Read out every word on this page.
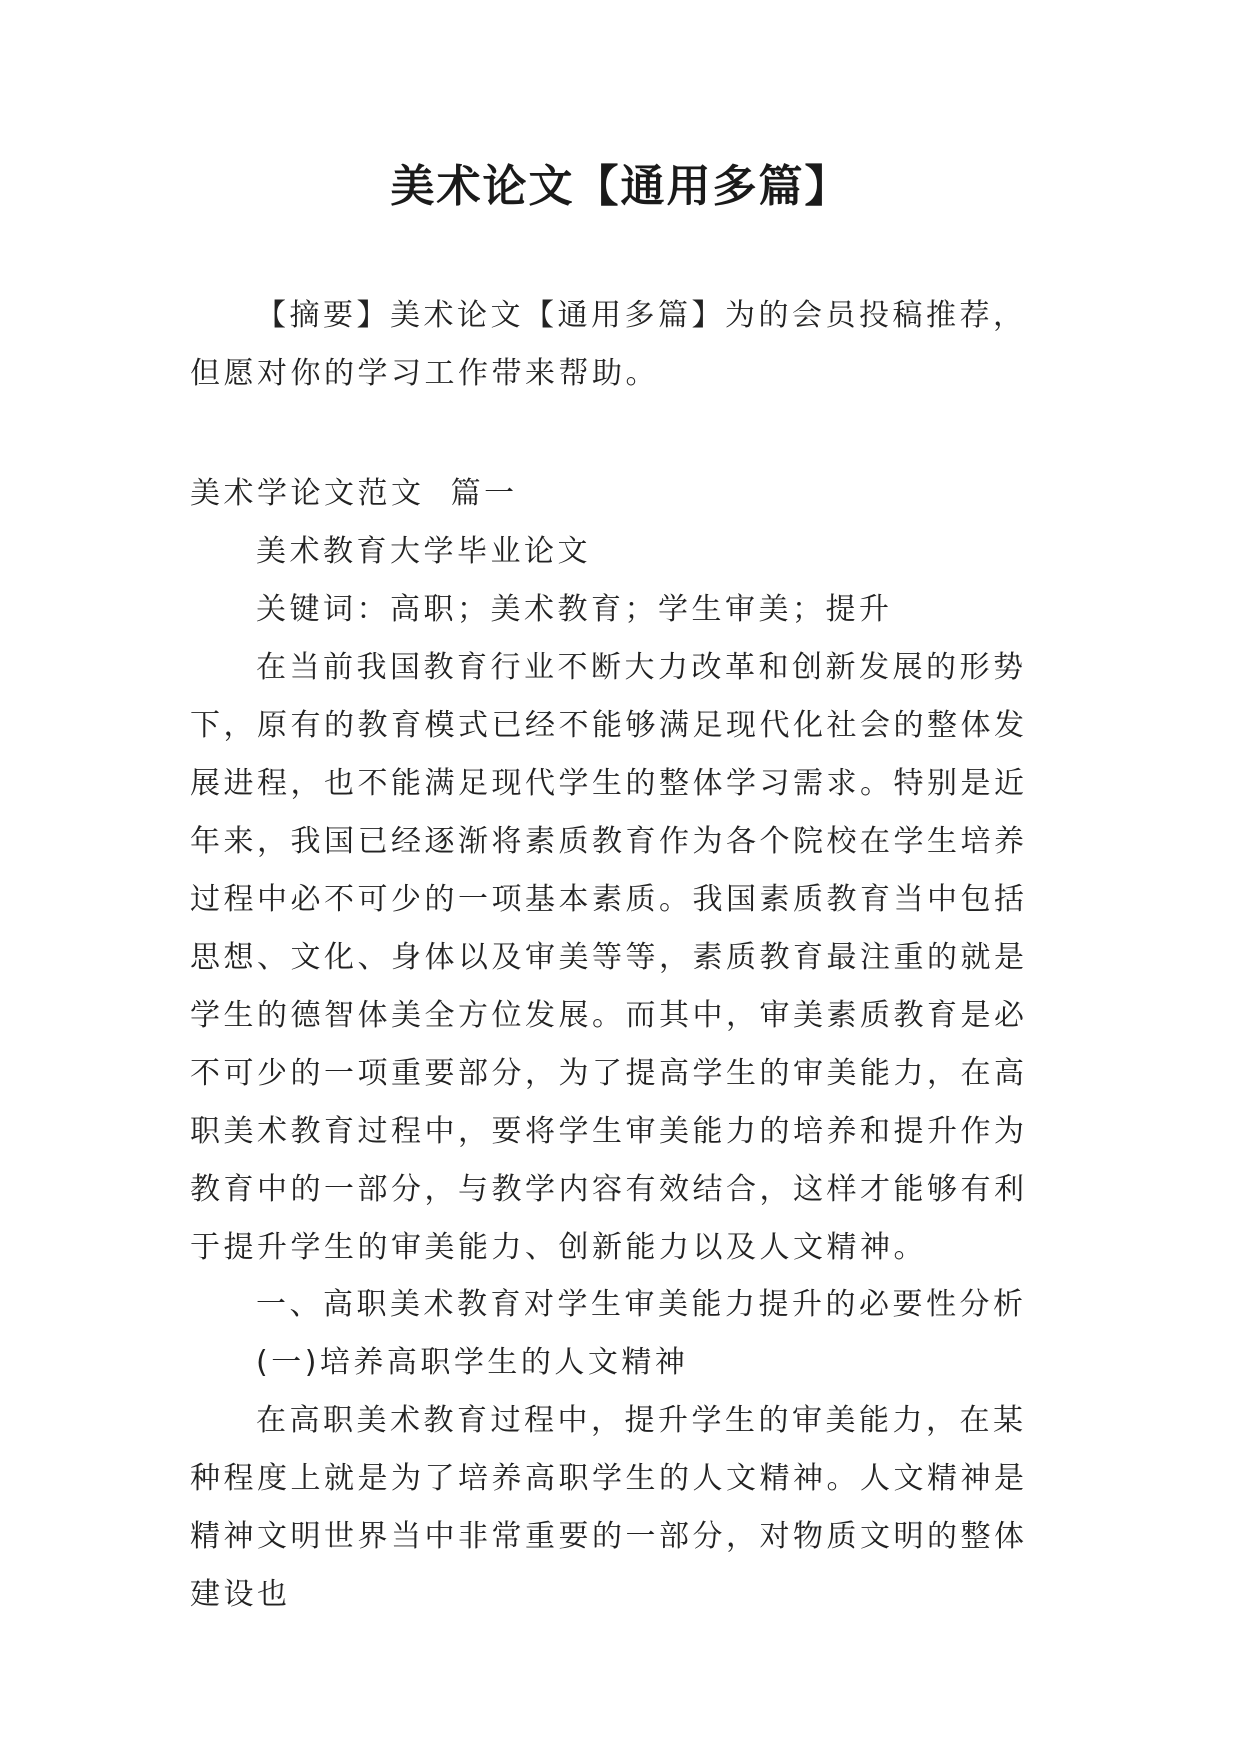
美术论文【通用多篇】

【摘要】美术论文【通用多篇】为的会员投稿推荐，但愿对你的学习工作带来帮助。

美术学论文范文  篇一

美术教育大学毕业论文

关键词：高职；美术教育；学生审美；提升

在当前我国教育行业不断大力改革和创新发展的形势下，原有的教育模式已经不能够满足现代化社会的整体发展进程，也不能满足现代学生的整体学习需求。特别是近年来，我国已经逐渐将素质教育作为各个院校在学生培养过程中必不可少的一项基本素质。我国素质教育当中包括思想、文化、身体以及审美等等，素质教育最注重的就是学生的德智体美全方位发展。而其中，审美素质教育是必不可少的一项重要部分，为了提高学生的审美能力，在高职美术教育过程中，要将学生审美能力的培养和提升作为教育中的一部分，与教学内容有效结合，这样才能够有利于提升学生的审美能力、创新能力以及人文精神。

一、高职美术教育对学生审美能力提升的必要性分析

(一)培养高职学生的人文精神

在高职美术教育过程中，提升学生的审美能力，在某种程度上就是为了培养高职学生的人文精神。人文精神是精神文明世界当中非常重要的一部分，对物质文明的整体建设也
